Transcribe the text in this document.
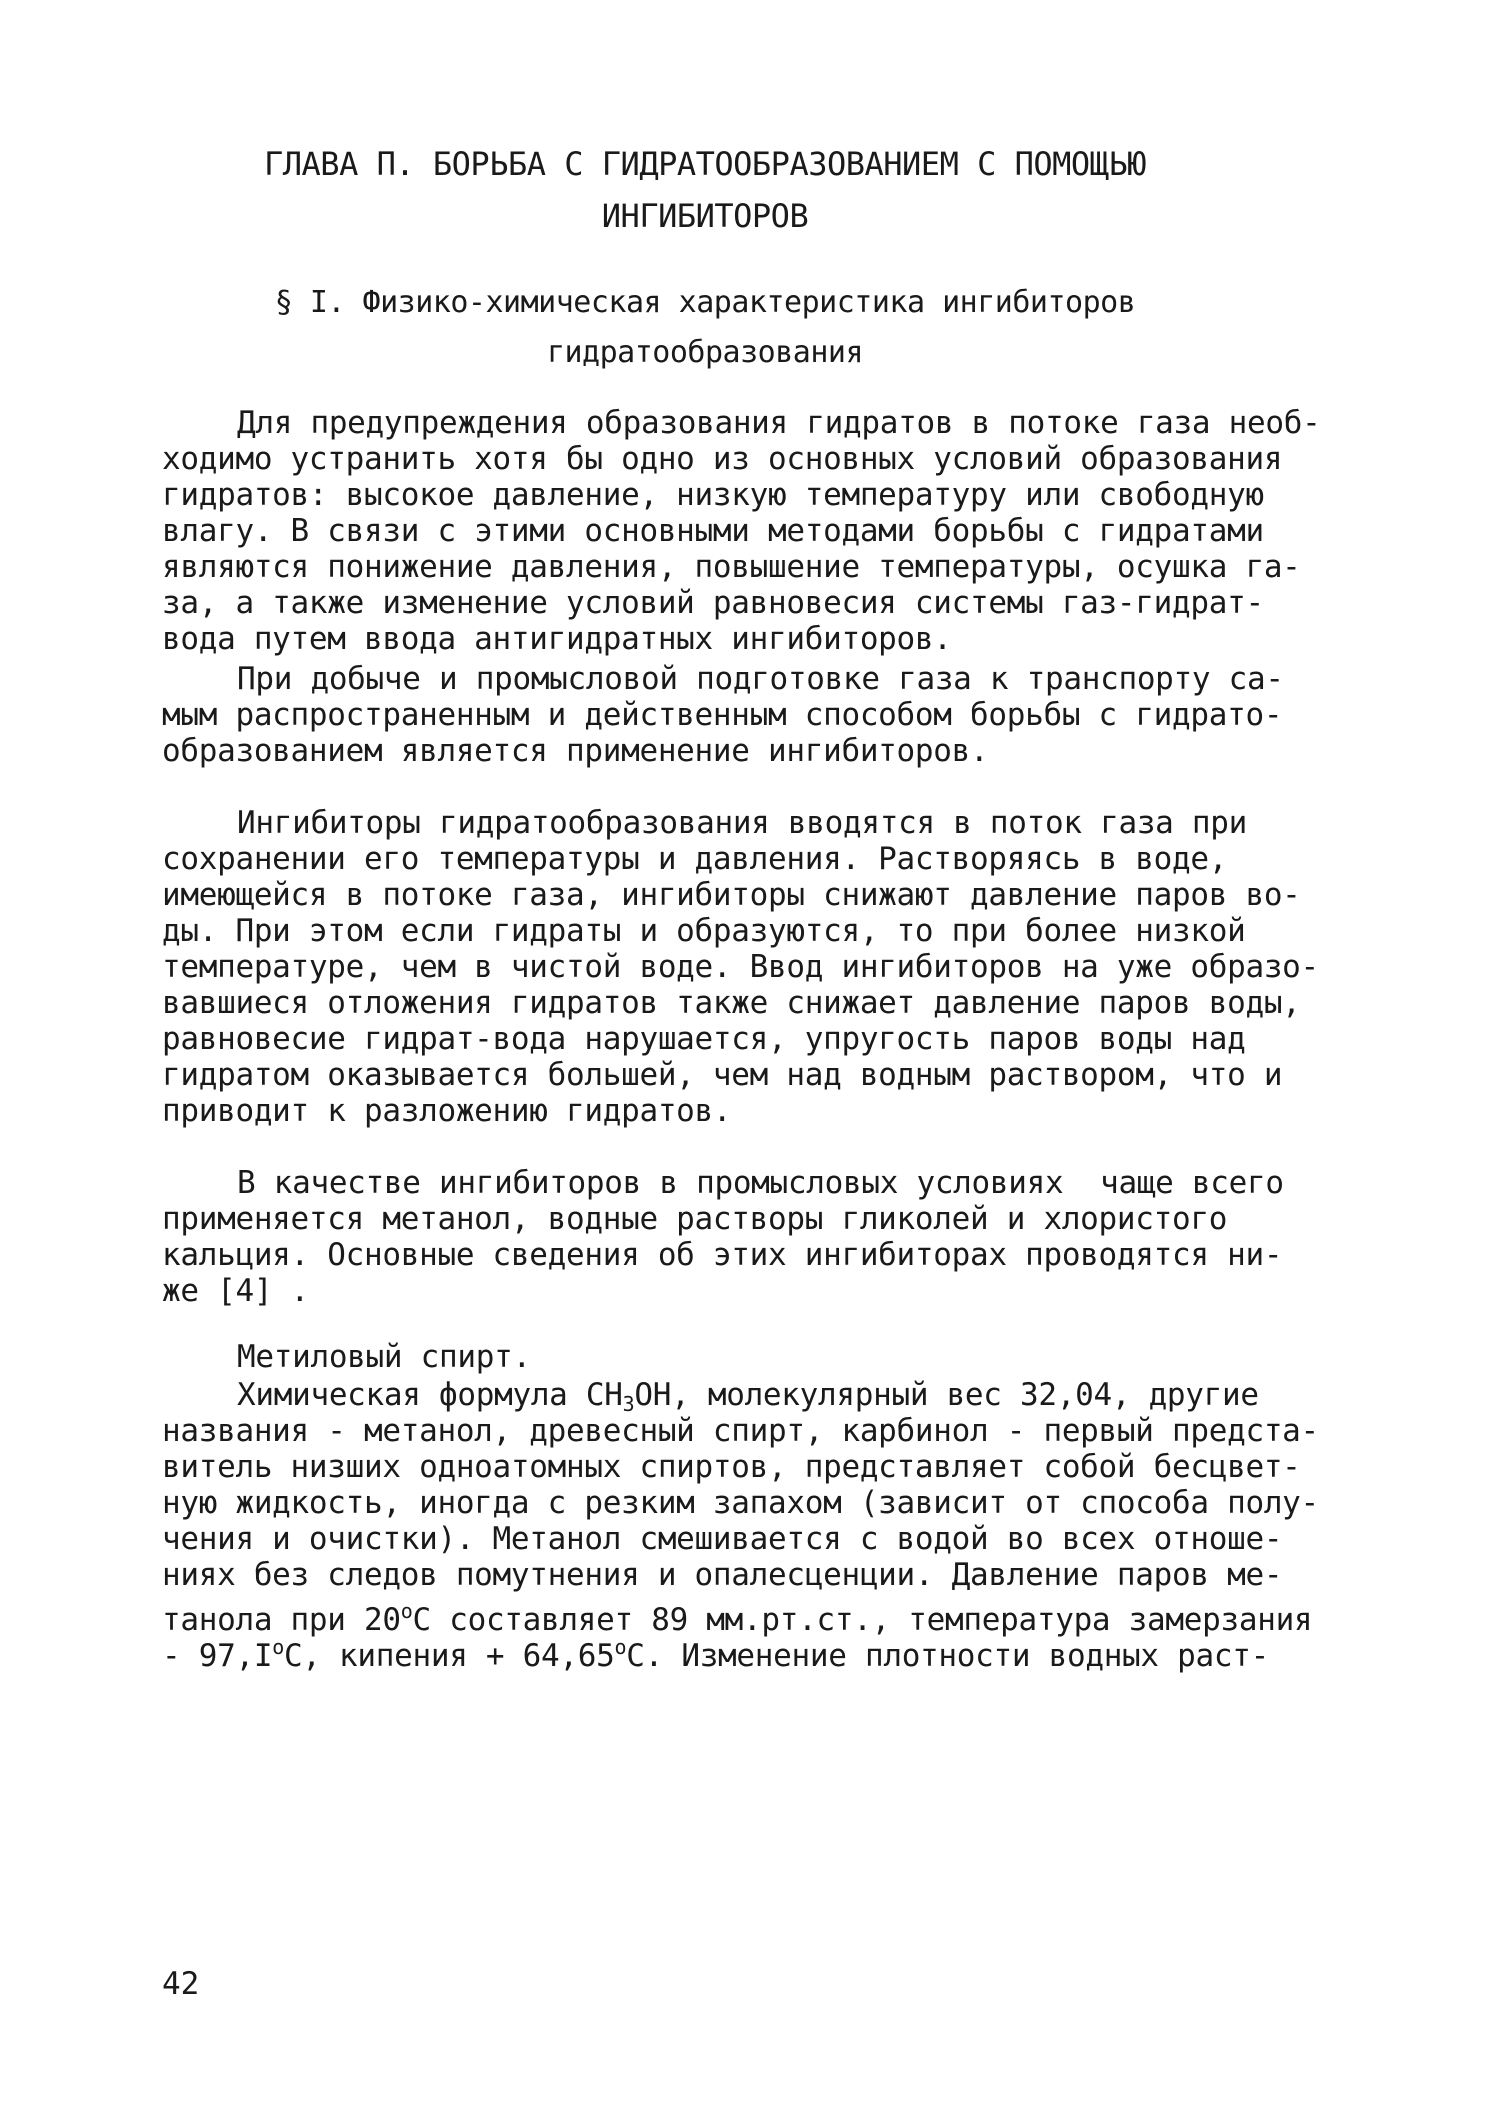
ГЛАВА П. БОРЬБА С ГИДРАТООБРАЗОВАНИЕМ С ПОМОЩЬЮ
ИНГИБИТОРОВ
§ I. Физико-химическая характеристика ингибиторов
гидратообразования
Для предупреждения образования гидратов в потоке газа необ-
ходимо устранить хотя бы одно из основных условий образования
гидратов: высокое давление, низкую температуру или свободную
влагу. В связи с этими основными методами борьбы с гидратами
являются понижение давления, повышение температуры, осушка га-
за, а также изменение условий равновесия системы газ-гидрат-
вода путем ввода антигидратных ингибиторов.
При добыче и промысловой подготовке газа к транспорту са-
мым распространенным и действенным способом борьбы с гидрато-
образованием является применение ингибиторов.
Ингибиторы гидратообразования вводятся в поток газа при
сохранении его температуры и давления. Растворяясь в воде,
имеющейся в потоке газа, ингибиторы снижают давление паров во-
ды. При этом если гидраты и образуются, то при более низкой
температуре, чем в чистой воде. Ввод ингибиторов на уже образо-
вавшиеся отложения гидратов также снижает давление паров воды,
равновесие гидрат-вода нарушается, упругость паров воды над
гидратом оказывается большей, чем над водным раствором, что и
приводит к разложению гидратов.
В качестве ингибиторов в промысловых условиях  чаще всего
применяется метанол, водные растворы гликолей и хлористого
кальция. Основные сведения об этих ингибиторах проводятся ни-
же [4] .
Метиловый спирт.
Химическая формула $CH_3OH$, молекулярный вес 32,04, другие
названия - метанол, древесный спирт, карбинол - первый предста-
витель низших одноатомных спиртов, представляет собой бесцвет-
ную жидкость, иногда с резким запахом (зависит от способа полу-
чения и очистки). Метанол смешивается с водой во всех отноше-
ниях без следов помутнения и опалесценции. Давление паров ме-
танола при 20$^o$С составляет 89 мм.рт.ст., температура замерзания
- $97,I^oС$, кипения + $64,65^oС$. Изменение плотности водных раст-
42
